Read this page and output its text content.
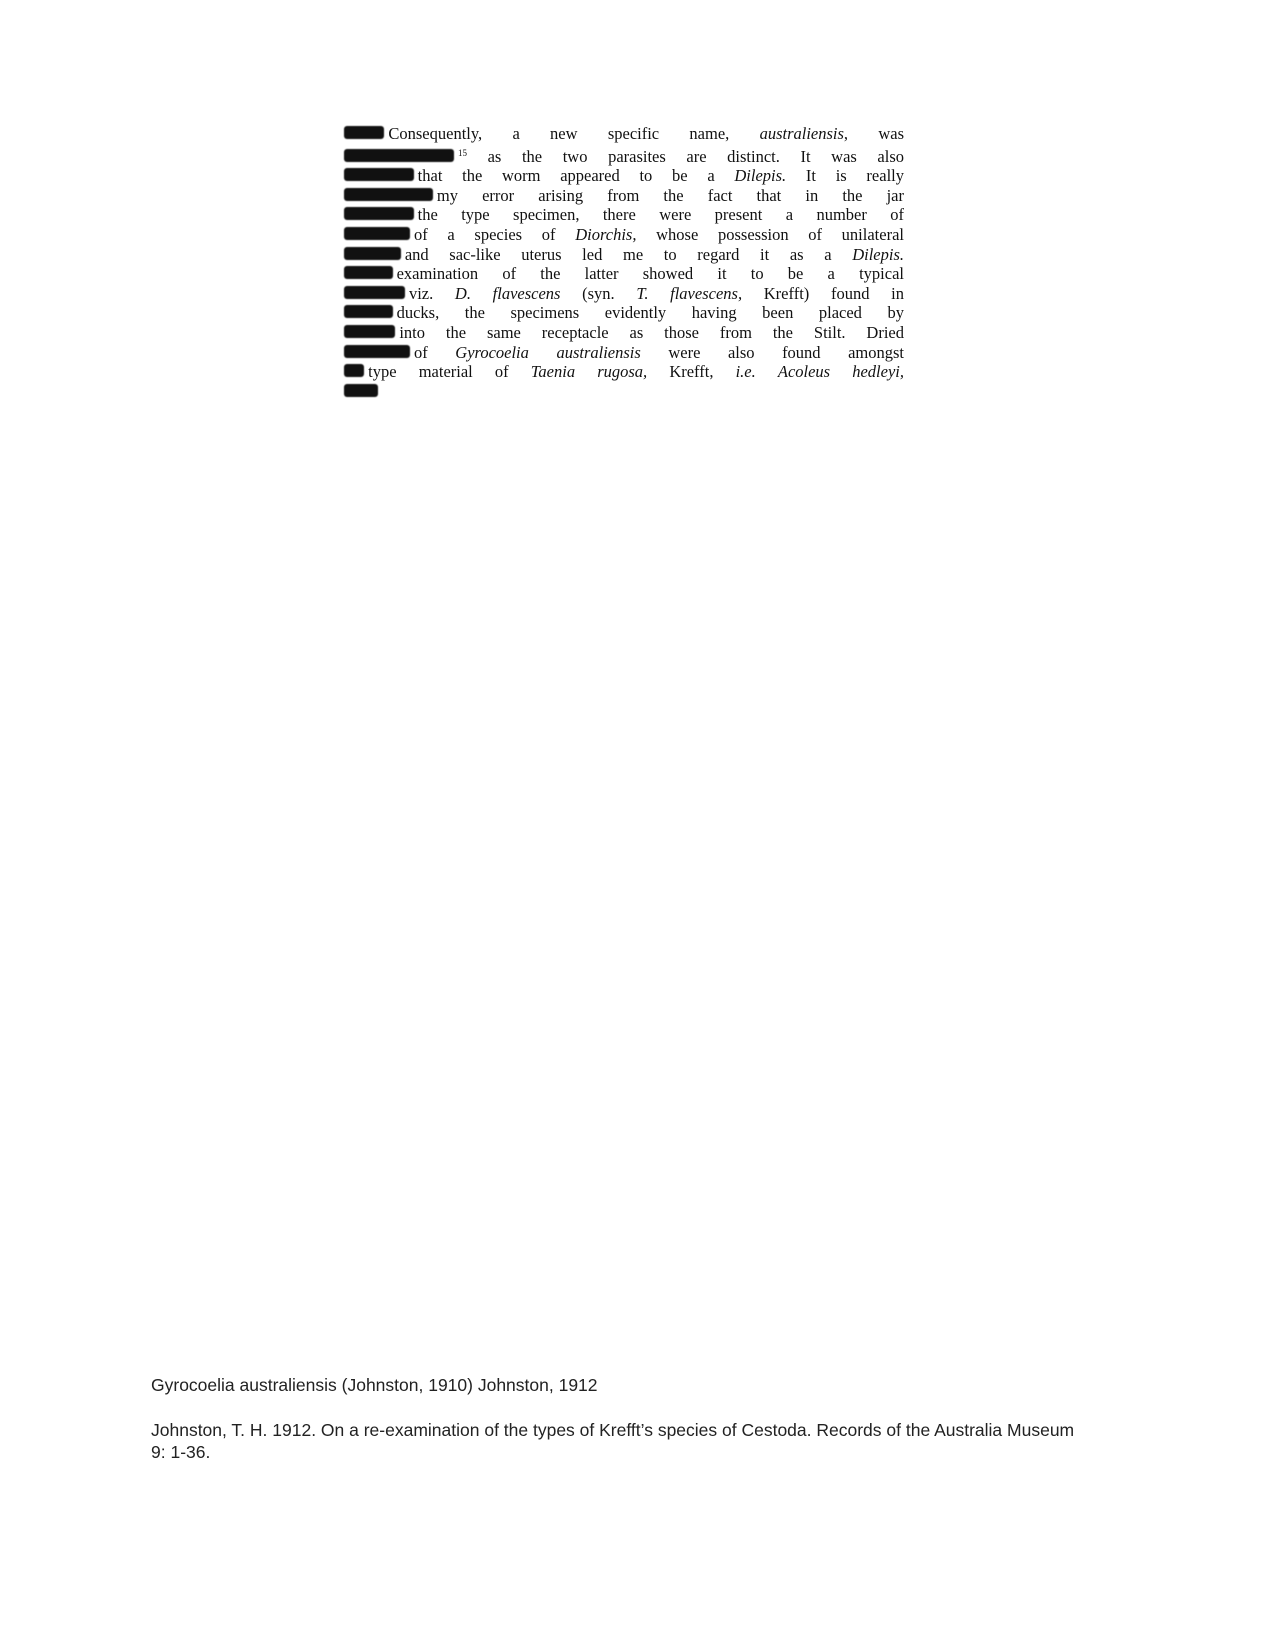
Consequently, a new specific name, australiensis, was
$^{15}$ as the two parasites are distinct. It was also
that the worm appeared to be a Dilepis. It is really
my error arising from the fact that in the jar
the type specimen, there were present a number of
of a species of Diorchis, whose possession of unilateral
and sac-like uterus led me to regard it as a Dilepis.
examination of the latter showed it to be a typical
viz. D. flavescens (syn. T. flavescens, Krefft) found in
ducks, the specimens evidently having been placed by
into the same receptacle as those from the Stilt. Dried
of Gyrocoelia australiensis were also found amongst
type material of Taenia rugosa, Krefft, i.e. Acoleus hedleyi,
Gyrocoelia australiensis (Johnston, 1910) Johnston, 1912
Johnston, T. H. 1912. On a re-examination of the types of Krefft’s species of Cestoda. Records of the Australia Museum 9: 1-36.
